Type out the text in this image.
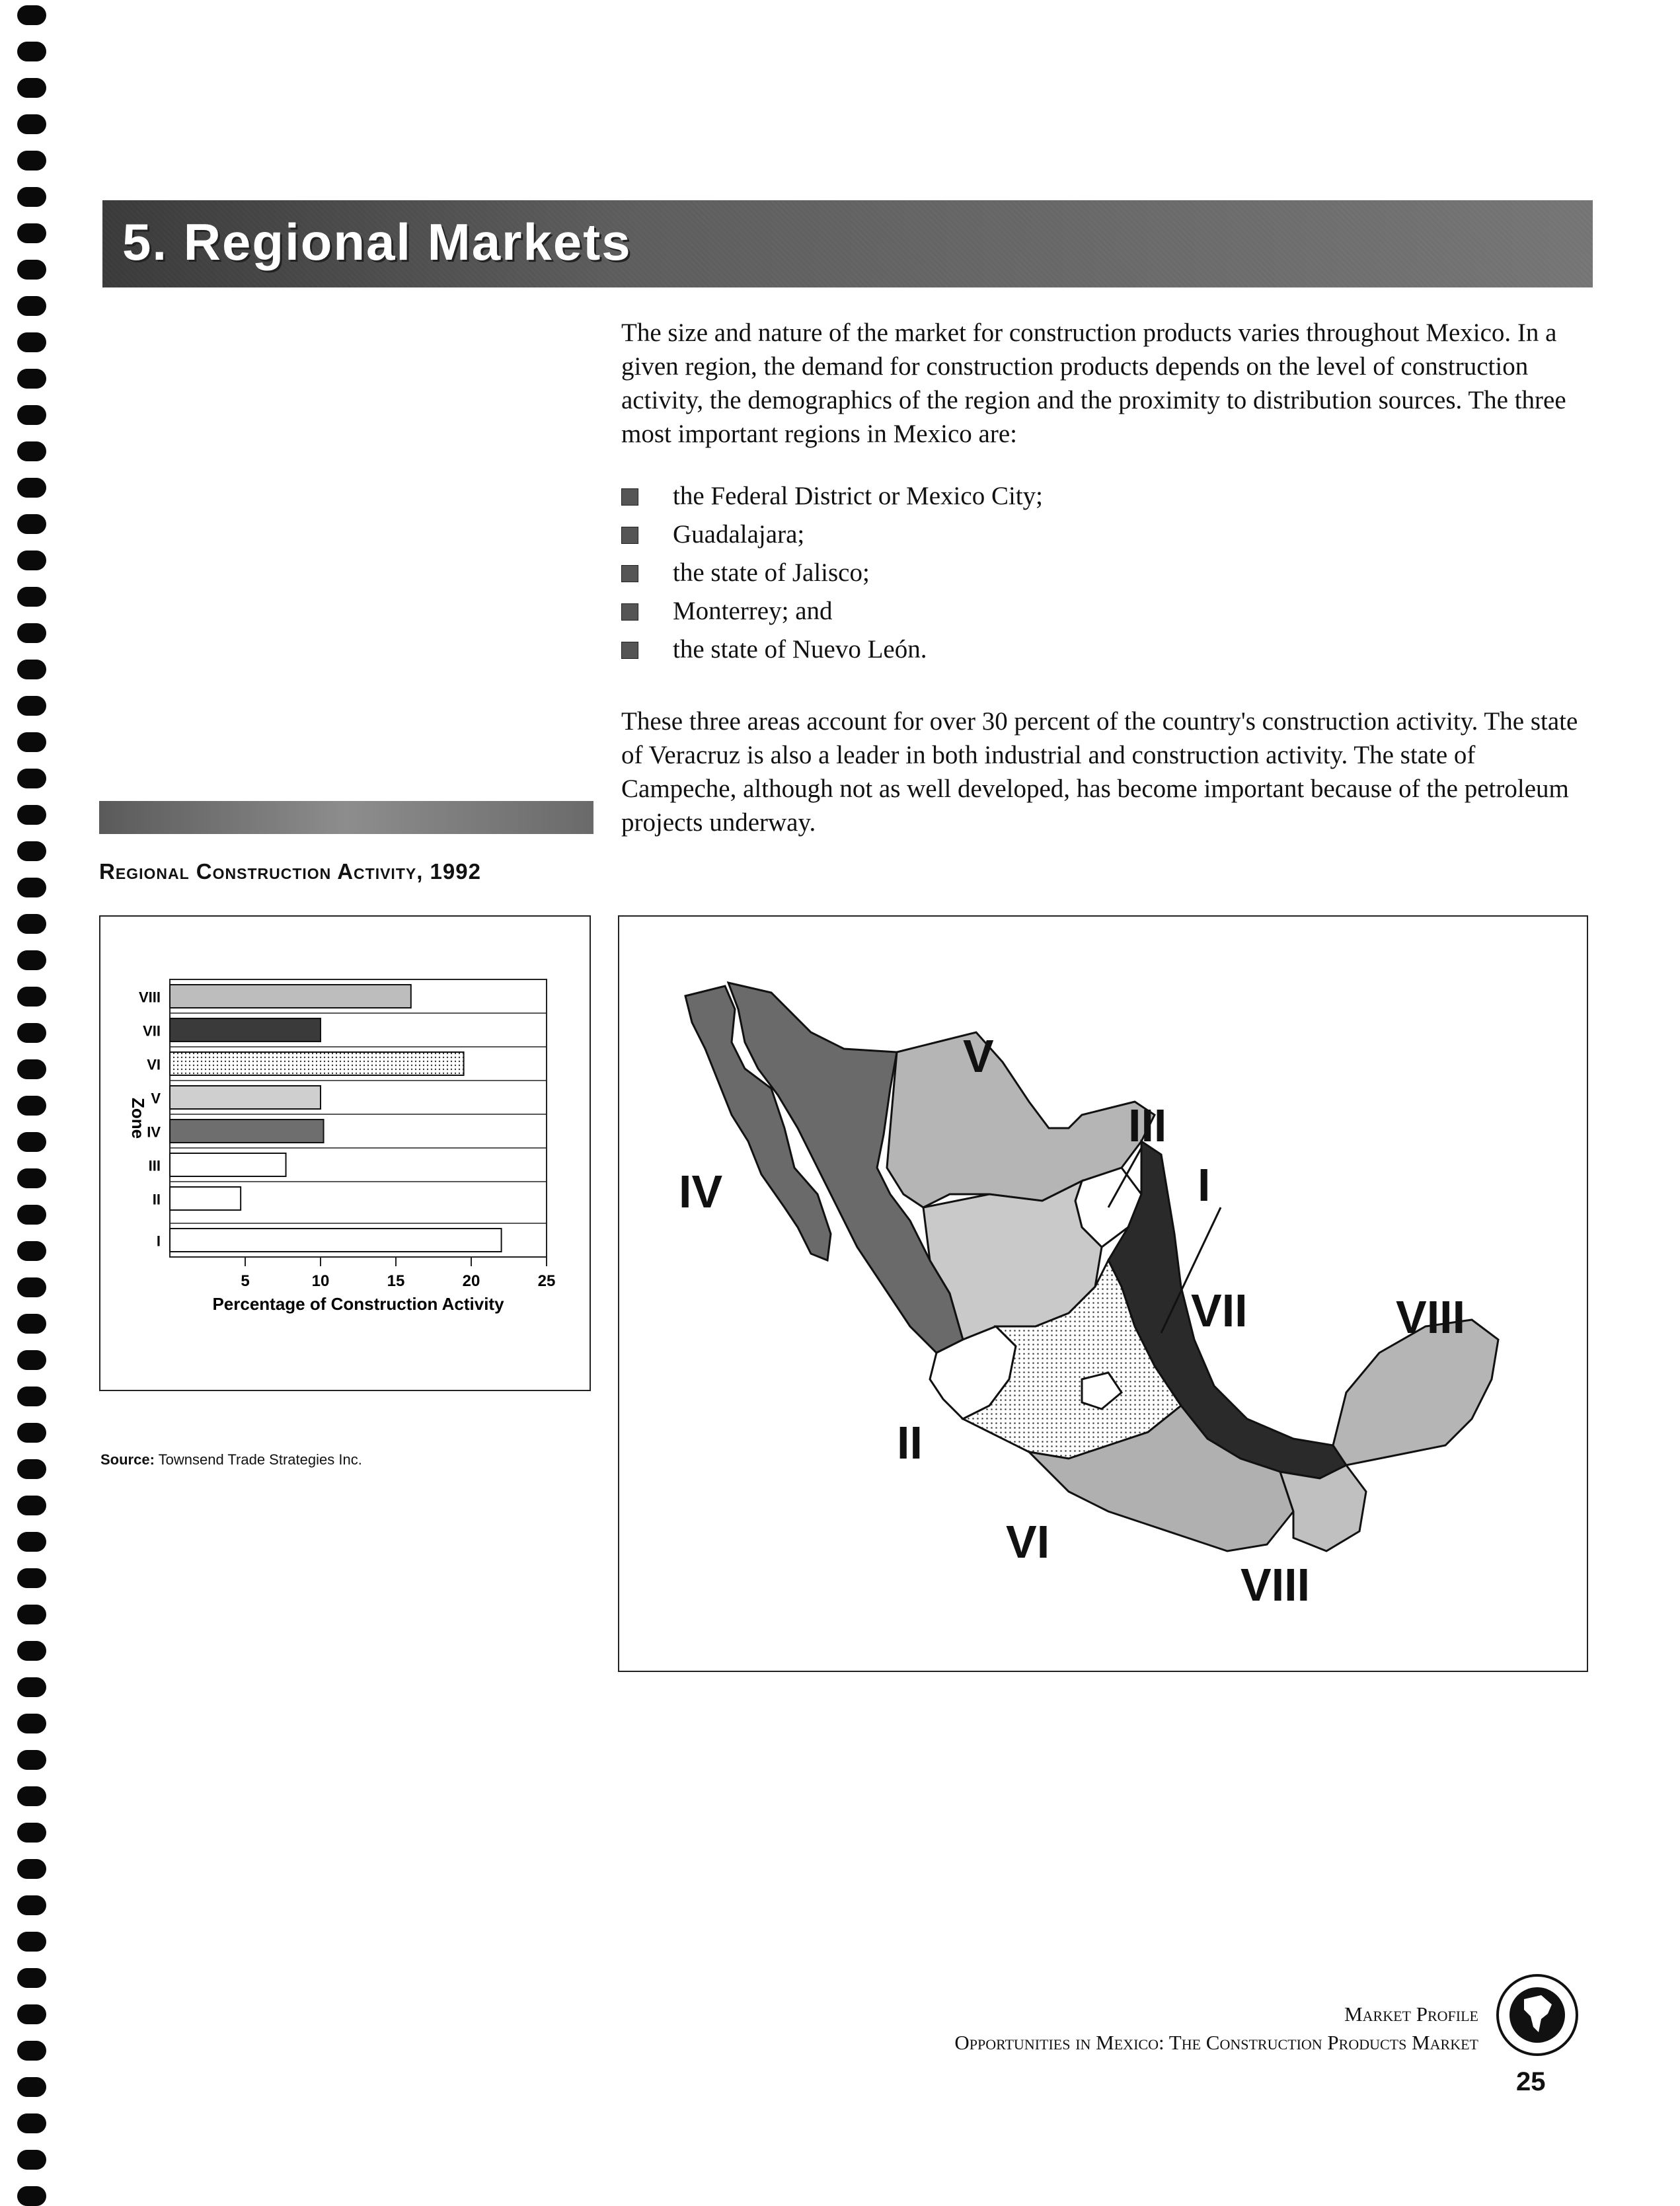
5. Regional Markets
The size and nature of the market for construction products varies throughout Mexico. In a given region, the demand for construction products depends on the level of construction activity, the demographics of the region and the proximity to distribution sources. The three most important regions in Mexico are:
the Federal District or Mexico City;
Guadalajara;
the state of Jalisco;
Monterrey; and
the state of Nuevo León.
These three areas account for over 30 percent of the country's construction activity. The state of Veracruz is also a leader in both industrial and construction activity. The state of Campeche, although not as well developed, has become important because of the petroleum projects underway.
Regional Construction Activity, 1992
VIII
VII
VI
V
IV
III
II
I
5	10	15	20	25
Percentage of Construction Activity
Zone
Source: Townsend Trade Strategies Inc.
V
III
I
IV
VII	VIII
II
VI
VIII
Market Profile
Opportunities in Mexico: The Construction Products Market
25
